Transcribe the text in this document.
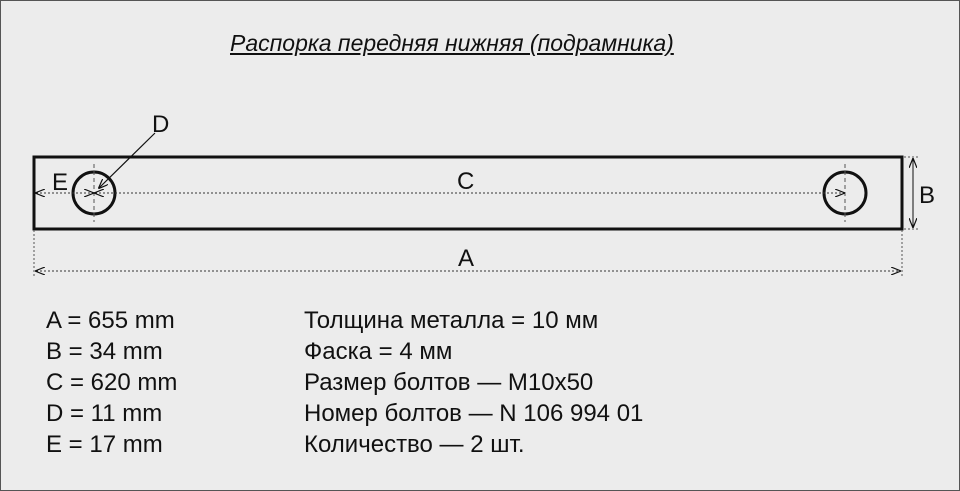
Распорка передняя нижняя (подрамника)
D
E	C
B
A
A = 655 mm
B = 34 mm
C = 620 mm
D = 11 mm
E = 17 mm
Толщина металла = 10 мм
Фаска = 4 мм
Размер болтов — М10х50
Номер болтов — N 106 994 01
Количество — 2 шт.
